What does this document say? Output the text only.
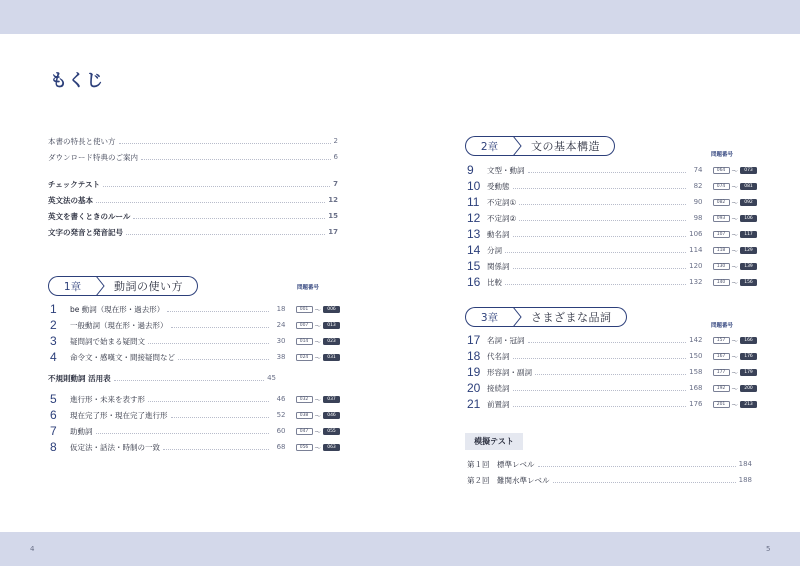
4	5
もくじ
本書の特長と使い方	2
ダウンロード特典のご案内	6
チェックテスト	7
英文法の基本	12
英文を書くときのルール	15
文字の発音と発音記号	17
1章	動詞の使い方	問題番号
1	be 動詞（現在形・過去形）	18	001 〜	006
2	一般動詞（現在形・過去形）	24	007 〜	013
3	疑問詞で始まる疑問文	30	014 〜	023
4	命令文・感嘆文・間接疑問など	38	024 〜	031
不規則動詞 活用表	45
5	進行形・未来を表す形	46	032 〜	037
6	現在完了形・現在完了進行形	52	038 〜	046
7	助動詞	60	047 〜	055
8	仮定法・話法・時制の一致	68	056 〜	063
2章	文の基本構造
問題番号
9	文型・動詞	74	064 〜	073
10 受動態	82	074 〜	081
11	不定詞①	90	082 〜	092
12 不定詞②	98	093 〜	106
13 動名詞	106	107 〜	117
14 分詞	114	118 〜	129
15 関係詞	120	130 〜	139
16 比較	132	140 〜	156
3章	さまざまな品詞
問題番号
17 名詞・冠詞	142	157 〜	166
18 代名詞	150	167 〜	176
19 形容詞・副詞	158	177 〜	179
20 接続詞	168	192 〜	200
21 前置詞	176	201 〜	213
模擬テスト
第１回	標準レベル	184
第２回	難関水準レベル	188
